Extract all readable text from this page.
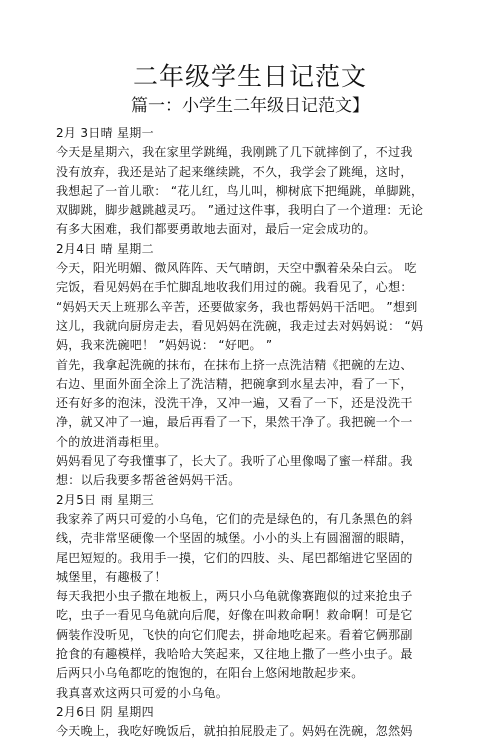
二年级学生日记范文
篇一：小学生二年级日记范文】
2月 3日晴 星期一
今天是星期六，我在家里学跳绳，我刚跳了几下就摔倒了，不过我
没有放弃，我还是站了起来继续跳，不久，我学会了跳绳，这时，
我想起了一首儿歌： “花儿红，鸟儿叫，柳树底下把绳跳，单脚跳，
双脚跳，脚步越跳越灵巧。 ”通过这件事，我明白了一个道理：无论
有多大困难，我们都要勇敢地去面对，最后一定会成功的。
2月4日 晴 星期二
今天，阳光明媚、微风阵阵、天气晴朗，天空中飘着朵朵白云。 吃
完饭，看见妈妈在手忙脚乱地收我们用过的碗。我看见了，心想：
“妈妈天天上班那么辛苦，还要做家务，我也帮妈妈干活吧。 ”想到
这儿，我就向厨房走去，看见妈妈在洗碗，我走过去对妈妈说： “妈
妈，我来洗碗吧！ ”妈妈说： “好吧。 ”
首先，我拿起洗碗的抹布，在抹布上挤一点洗洁精《把碗的左边、
右边、里面外面全涂上了洗洁精，把碗拿到水星去冲，看了一下，
还有好多的泡沫，没洗干净，又冲一遍，又看了一下，还是没洗干
净，就又冲了一遍，最后再看了一下，果然干净了。我把碗一个一
个的放进消毒柜里。
妈妈看见了夸我懂事了，长大了。我听了心里像喝了蜜一样甜。我
想：以后我要多帮爸爸妈妈干活。
2月5日 雨 星期三
我家养了两只可爱的小乌龟，它们的壳是绿色的，有几条黑色的斜
线，壳非常坚硬像一个坚固的城堡。小小的头上有圆溜溜的眼睛，
尾巴短短的。我用手一摸，它们的四肢、头、尾巴都缩进它坚固的
城堡里，有趣极了！
每天我把小虫子撒在地板上，两只小乌龟就像赛跑似的过来抢虫子
吃，虫子一看见乌龟就向后爬，好像在叫救命啊！救命啊！可是它
俩装作没听见，飞快的向它们爬去，拼命地吃起来。看着它俩那副
抢食的有趣模样，我哈哈大笑起来，又往地上撒了一些小虫子。最
后两只小乌龟都吃的饱饱的，在阳台上悠闲地散起步来。
我真喜欢这两只可爱的小乌龟。
2月6日 阴 星期四
今天晚上，我吃好晚饭后，就拍拍屁股走了。妈妈在洗碗，忽然妈
